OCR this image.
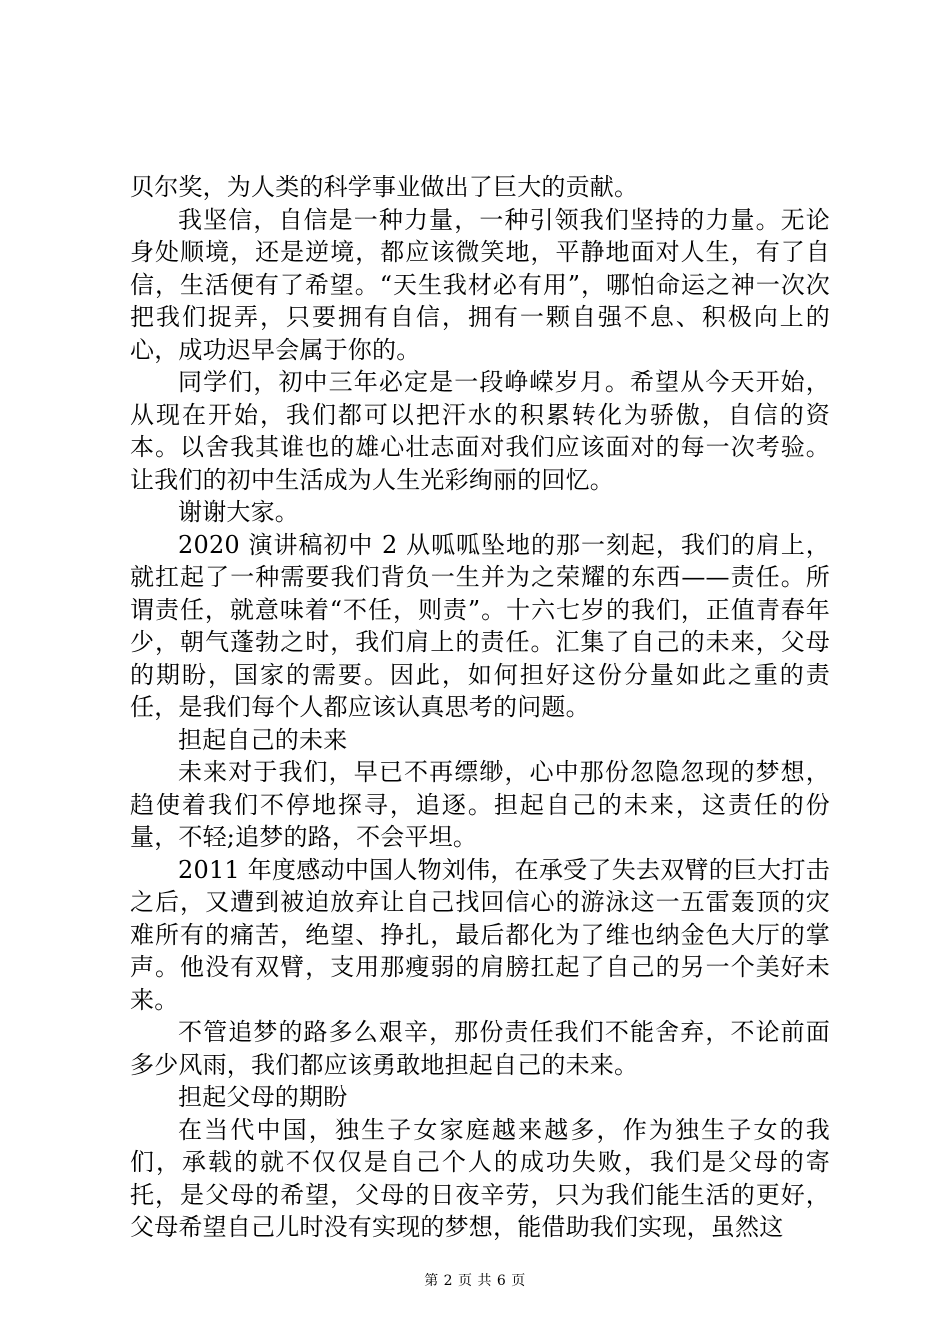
贝尔奖，为人类的科学事业做出了巨大的贡献。

我坚信，自信是一种力量，一种引领我们坚持的力量。无论身处顺境，还是逆境，都应该微笑地，平静地面对人生，有了自信，生活便有了希望。“天生我材必有用”，哪怕命运之神一次次把我们捉弄，只要拥有自信，拥有一颗自强不息、积极向上的心，成功迟早会属于你的。

同学们，初中三年必定是一段峥嵘岁月。希望从今天开始，从现在开始，我们都可以把汗水的积累转化为骄傲，自信的资本。以舍我其谁也的雄心壮志面对我们应该面对的每一次考验。让我们的初中生活成为人生光彩绚丽的回忆。

谢谢大家。

2020 演讲稿初中 2 从呱呱坠地的那一刻起，我们的肩上，就扛起了一种需要我们背负一生并为之荣耀的东西——责任。所谓责任，就意味着“不任，则责”。十六七岁的我们，正值青春年少，朝气蓬勃之时，我们肩上的责任。汇集了自己的未来，父母的期盼，国家的需要。因此，如何担好这份分量如此之重的责任，是我们每个人都应该认真思考的问题。

担起自己的未来

未来对于我们，早已不再缥缈，心中那份忽隐忽现的梦想，趋使着我们不停地探寻，追逐。担起自己的未来，这责任的份量，不轻;追梦的路，不会平坦。

2011 年度感动中国人物刘伟，在承受了失去双臂的巨大打击之后，又遭到被迫放弃让自己找回信心的游泳这一五雷轰顶的灾难所有的痛苦，绝望、挣扎，最后都化为了维也纳金色大厅的掌声。他没有双臂，支用那瘦弱的肩膀扛起了自己的另一个美好未来。

不管追梦的路多么艰辛，那份责任我们不能舍弃，不论前面多少风雨，我们都应该勇敢地担起自己的未来。

担起父母的期盼

在当代中国，独生子女家庭越来越多，作为独生子女的我们，承载的就不仅仅是自己个人的成功失败，我们是父母的寄托，是父母的希望，父母的日夜辛劳，只为我们能生活的更好，父母希望自己儿时没有实现的梦想，能借助我们实现，虽然这

第 2 页 共 6 页
